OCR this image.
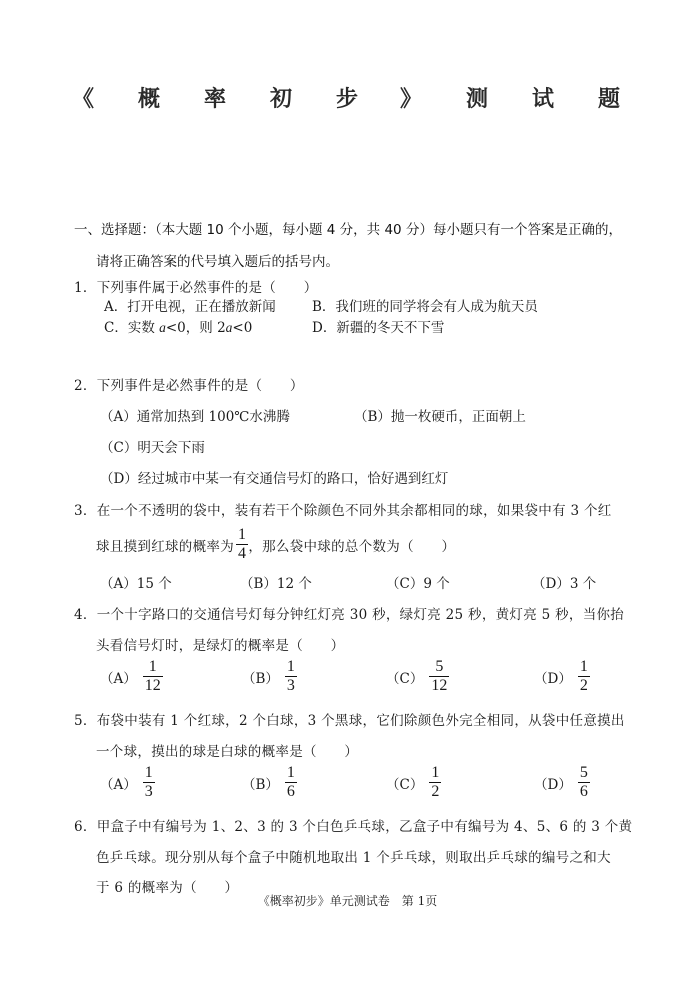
《 概 率 初 步 》 测 试 题
一、选择题：（本大题 10 个小题，每小题 4 分，共 40 分）每小题只有一个答案是正确的，
请将正确答案的代号填入题后的括号内。
1．下列事件属于必然事件的是（　　）
A．打开电视，正在播放新闻	B．我们班的同学将会有人成为航天员
C．实数 a<0，则 2a<0	D．新疆的冬天不下雪
2．下列事件是必然事件的是（　　）
（A）通常加热到 100℃水沸腾	（B）抛一枚硬币，正面朝上
（C）明天会下雨
（D）经过城市中某一有交通信号灯的路口，恰好遇到红灯
3．在一个不透明的袋中，装有若干个除颜色不同外其余都相同的球，如果袋中有 3 个红
球且摸到红球的概率为 $\frac{1}{4}$ ，那么袋中球的总个数为（　　）
（A）15 个	（B）12 个	（C）9 个	（D）3 个
4．一个十字路口的交通信号灯每分钟红灯亮 30 秒，绿灯亮 25 秒，黄灯亮 5 秒，当你抬
头看信号灯时，是绿灯的概率是（　　）
$(A) \frac{1}{12}$	$(B) \frac{1}{3}$	$(C) \frac{5}{12}$	$(D) \frac{1}{2}$
5．布袋中装有 1 个红球，2 个白球，3 个黑球，它们除颜色外完全相同，从袋中任意摸出
一个球，摸出的球是白球的概率是（　　）
$(A) \frac{1}{3}$	$(B) \frac{1}{6}$	$(C) \frac{1}{2}$	$(D) \frac{5}{6}$
6．甲盒子中有编号为 1、2、3 的 3 个白色乒乓球，乙盒子中有编号为 4、5、6 的 3 个黄
色乒乓球。现分别从每个盒子中随机地取出 1 个乒乓球，则取出乒乓球的编号之和大
于 6 的概率为（　　）
《概率初步》单元测试卷　第 1页
